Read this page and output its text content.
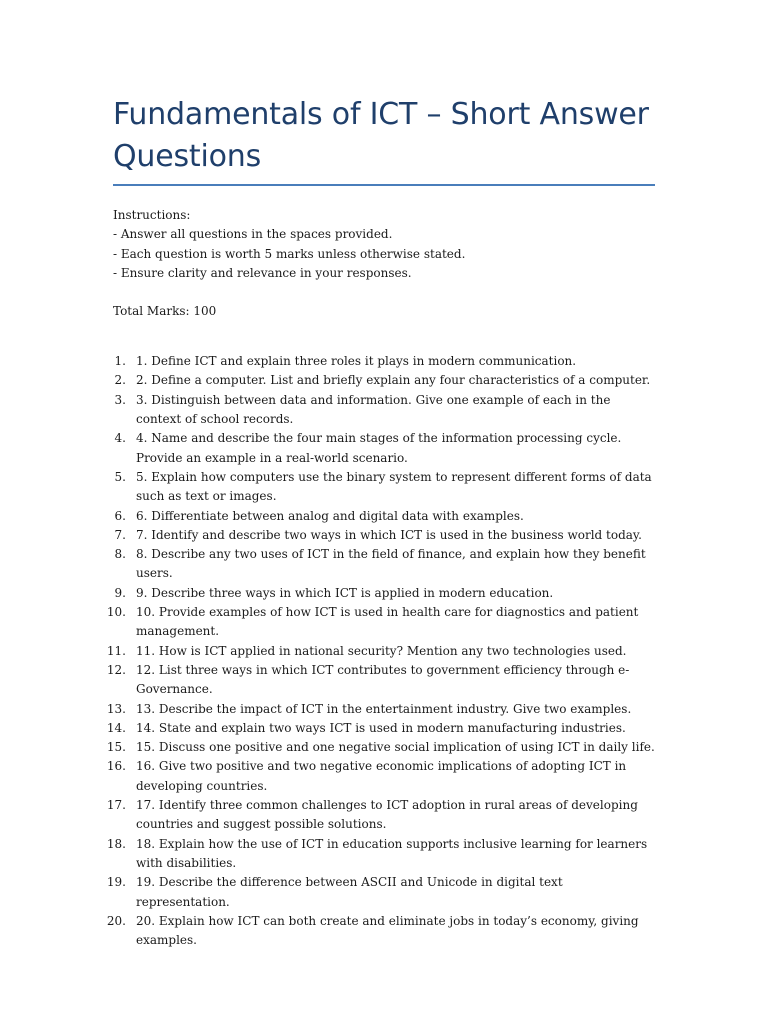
Fundamentals of ICT – Short Answer Questions
Instructions:
- Answer all questions in the spaces provided.
- Each question is worth 5 marks unless otherwise stated.
- Ensure clarity and relevance in your responses.
Total Marks: 100
1. 1. Define ICT and explain three roles it plays in modern communication.
2. 2. Define a computer. List and briefly explain any four characteristics of a computer.
3. 3. Distinguish between data and information. Give one example of each in the context of school records.
4. 4. Name and describe the four main stages of the information processing cycle. Provide an example in a real-world scenario.
5. 5. Explain how computers use the binary system to represent different forms of data such as text or images.
6. 6. Differentiate between analog and digital data with examples.
7. 7. Identify and describe two ways in which ICT is used in the business world today.
8. 8. Describe any two uses of ICT in the field of finance, and explain how they benefit users.
9. 9. Describe three ways in which ICT is applied in modern education.
10. 10. Provide examples of how ICT is used in health care for diagnostics and patient management.
11. 11. How is ICT applied in national security? Mention any two technologies used.
12. 12. List three ways in which ICT contributes to government efficiency through e-Governance.
13. 13. Describe the impact of ICT in the entertainment industry. Give two examples.
14. 14. State and explain two ways ICT is used in modern manufacturing industries.
15. 15. Discuss one positive and one negative social implication of using ICT in daily life.
16. 16. Give two positive and two negative economic implications of adopting ICT in developing countries.
17. 17. Identify three common challenges to ICT adoption in rural areas of developing countries and suggest possible solutions.
18. 18. Explain how the use of ICT in education supports inclusive learning for learners with disabilities.
19. 19. Describe the difference between ASCII and Unicode in digital text representation.
20. 20. Explain how ICT can both create and eliminate jobs in today’s economy, giving examples.
